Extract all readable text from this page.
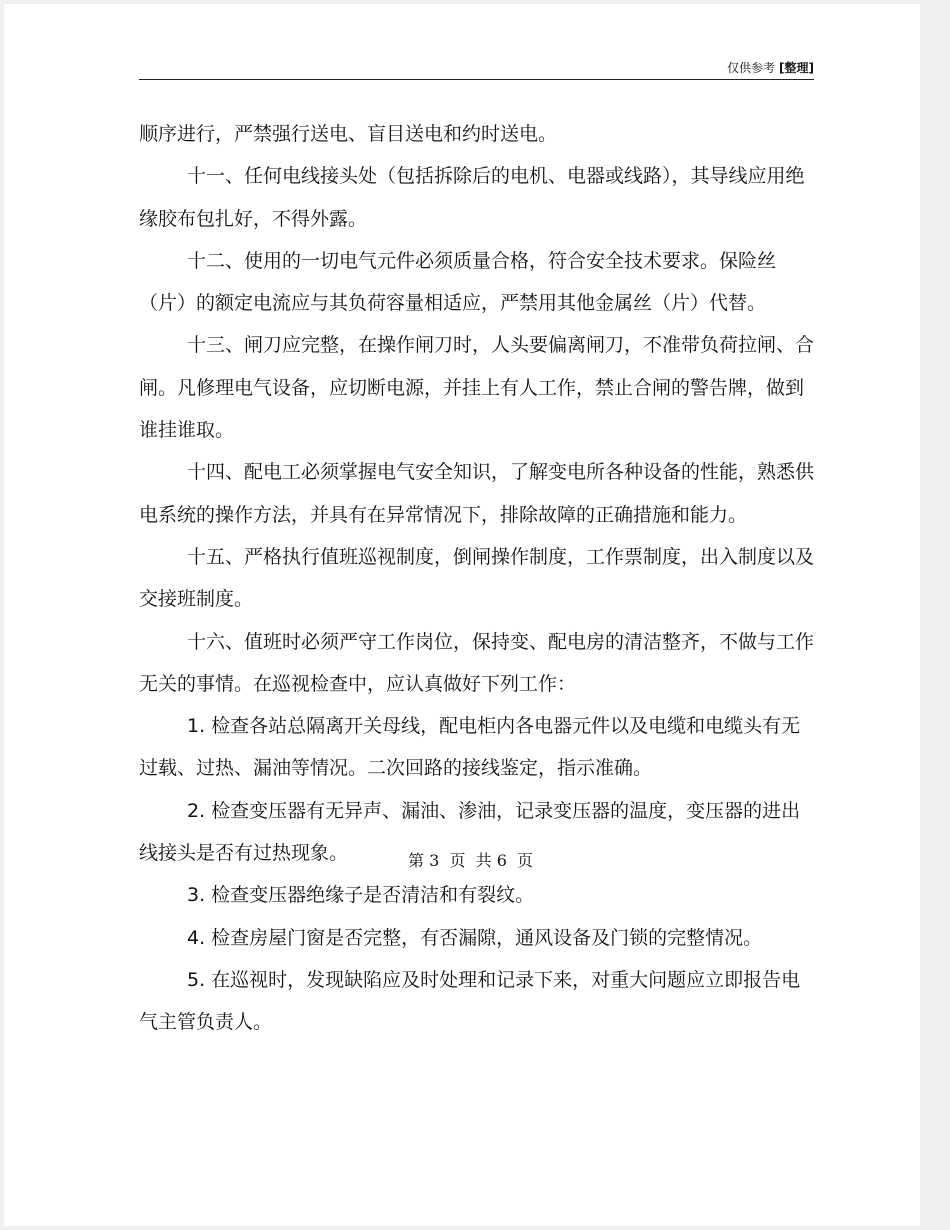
仅供参考 [整理]

顺序进行，严禁强行送电、盲目送电和约时送电。

十一、任何电线接头处（包括拆除后的电机、电器或线路），其导线应用绝缘胶布包扎好，不得外露。

十二、使用的一切电气元件必须质量合格，符合安全技术要求。保险丝（片）的额定电流应与其负荷容量相适应，严禁用其他金属丝（片）代替。

十三、闸刀应完整，在操作闸刀时，人头要偏离闸刀，不准带负荷拉闸、合闸。凡修理电气设备，应切断电源，并挂上有人工作，禁止合闸的警告牌，做到谁挂谁取。

十四、配电工必须掌握电气安全知识，了解变电所各种设备的性能，熟悉供电系统的操作方法，并具有在异常情况下，排除故障的正确措施和能力。

十五、严格执行值班巡视制度，倒闸操作制度，工作票制度，出入制度以及交接班制度。

十六、值班时必须严守工作岗位，保持变、配电房的清洁整齐，不做与工作无关的事情。在巡视检查中，应认真做好下列工作：

1. 检查各站总隔离开关母线，配电柜内各电器元件以及电缆和电缆头有无过载、过热、漏油等情况。二次回路的接线鉴定，指示准确。

2. 检查变压器有无异声、漏油、渗油，记录变压器的温度，变压器的进出线接头是否有过热现象。

3. 检查变压器绝缘子是否清洁和有裂纹。

4. 检查房屋门窗是否完整，有否漏隙，通风设备及门锁的完整情况。

5. 在巡视时，发现缺陷应及时处理和记录下来，对重大问题应立即报告电气主管负责人。

第 3  页  共 6  页
